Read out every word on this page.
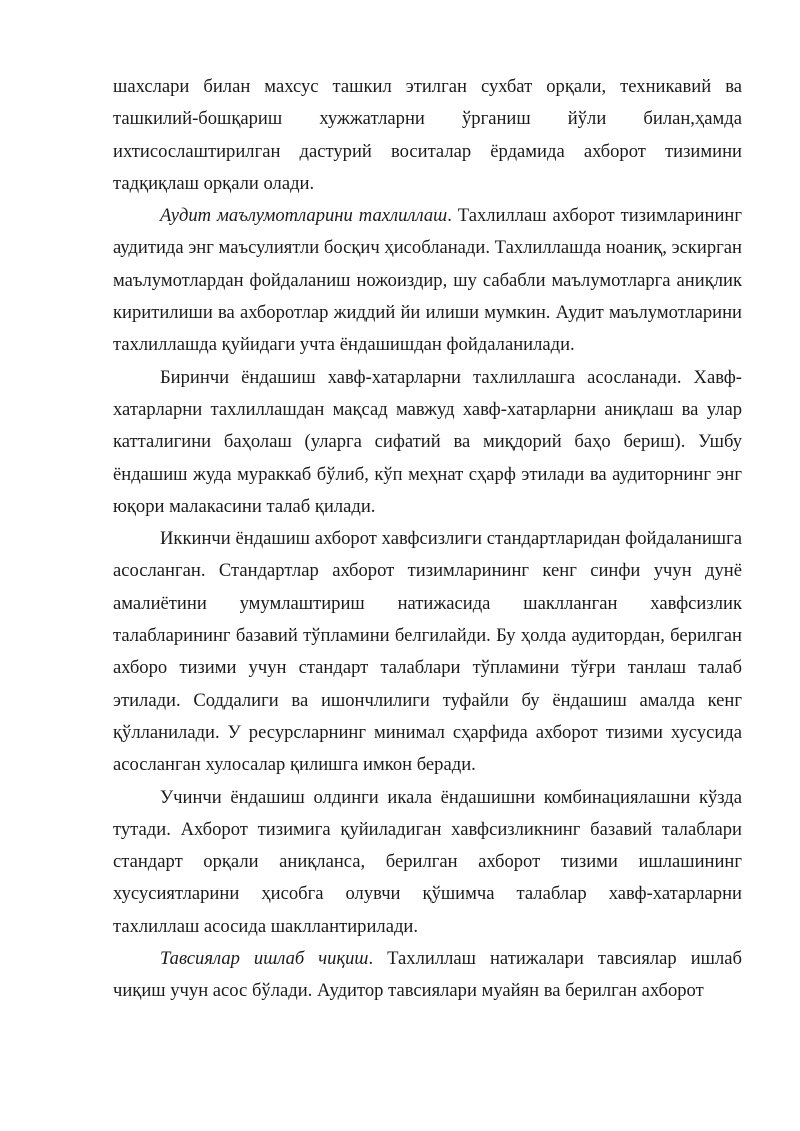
шахслари билан махсус ташкил этилган сухбат орқали, техникавий ва ташкилий-бошқариш хужжатларни ўрганиш йўли билан,ҳамда ихтисослаштирилган дастурий воситалар ёрдамида ахборот тизимини тадқиқлаш орқали олади.

Аудит маълумотларини тахлиллаш. Тахлиллаш ахборот тизимларининг аудитида энг маъсулиятли босқич ҳисобланади. Тахлиллашда ноаниқ, эскирган маълумотлардан фойдаланиш ножоиздир, шу сабабли маълумотларга аниқлик киритилиши ва ахборотлар жиддий йи илиши мумкин. Аудит маълумотларини тахлиллашда қуйидаги учта ёндашишдан фойдаланилади.

Биринчи ёндашиш хавф-хатарларни тахлиллашга асосланади. Хавф-хатарларни тахлиллашдан мақсад мавжуд хавф-хатарларни аниқлаш ва улар катталигини баҳолаш (уларга сифатий ва миқдорий баҳо бериш). Ушбу ёндашиш жуда мураккаб бўлиб, кўп меҳнат сҳарф этилади ва аудиторнинг энг юқори малакасини талаб қилади.

Иккинчи ёндашиш ахборот хавфсизлиги стандартларидан фойдаланишга асосланган. Стандартлар ахборот тизимларининг кенг синфи учун дунё амалиётини умумлаштириш натижасида шаклланган хавфсизлик талабларининг базавий тўпламини белгилайди. Бу ҳолда аудитордан, берилган ахборо тизими учун стандарт талаблари тўпламини тўғри танлаш талаб этилади. Соддалиги ва ишончлилиги туфайли бу ёндашиш амалда кенг қўлланилади. У ресурсларнинг минимал сҳарфида ахборот тизими хусусида асосланган хулосалар қилишга имкон беради.

Учинчи ёндашиш олдинги икала ёндашишни комбинациялашни кўзда тутади. Ахборот тизимига қуйиладиган хавфсизликнинг базавий талаблари стандарт орқали аниқланса, берилган ахборот тизими ишлашининг хусусиятларини ҳисобга олувчи қўшимча талаблар хавф-хатарларни тахлиллаш асосида шакллантирилади.

Тавсиялар ишлаб чиқиш. Тахлиллаш натижалари тавсиялар ишлаб чиқиш учун асос бўлади. Аудитор тавсиялари муайян ва берилган ахборот
